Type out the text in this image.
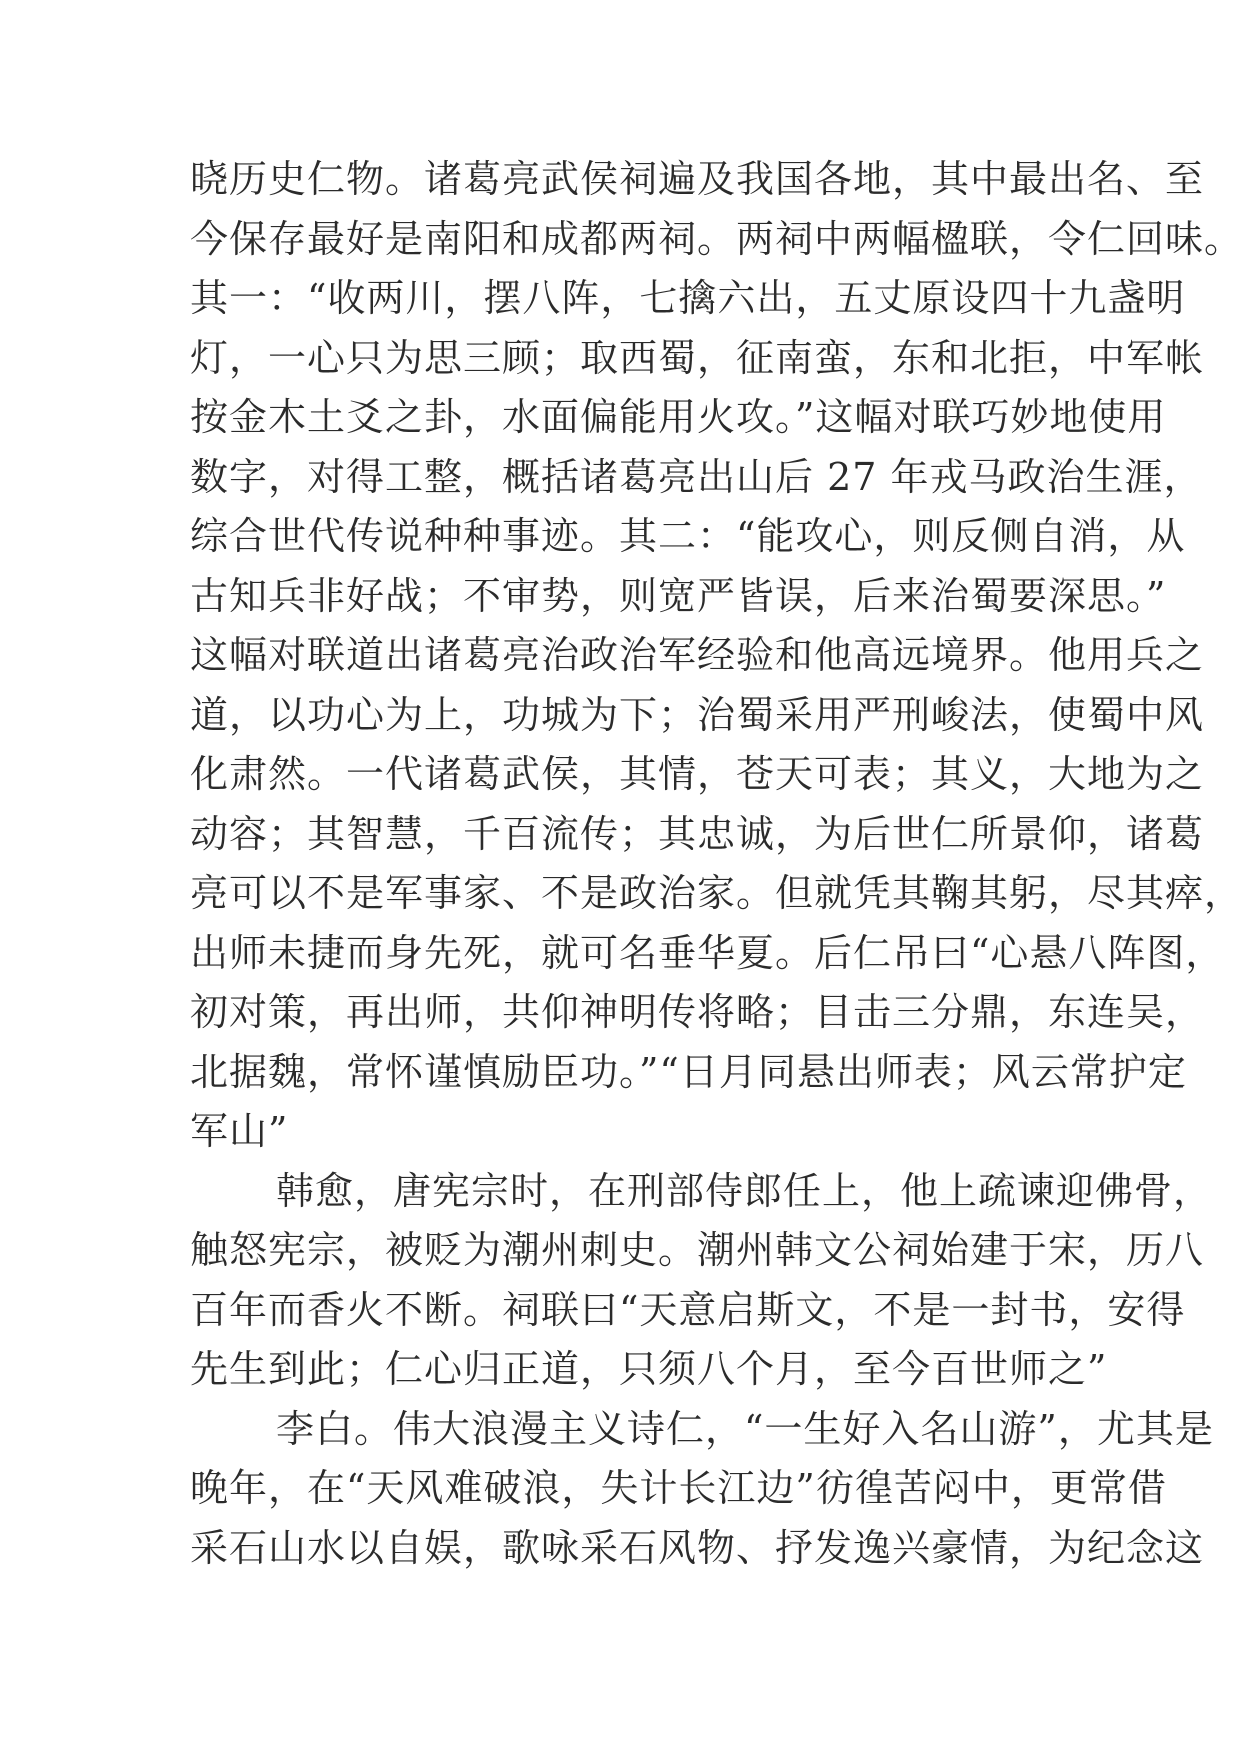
晓历史仁物。诸葛亮武侯祠遍及我国各地，其中最出名、至
今保存最好是南阳和成都两祠。两祠中两幅楹联，令仁回味。
其一：“收两川，摆八阵，七擒六出，五丈原设四十九盏明
灯，一心只为思三顾；取西蜀，征南蛮，东和北拒，中军帐
按金木土爻之卦，水面偏能用火攻。”这幅对联巧妙地使用
数字，对得工整，概括诸葛亮出山后 27 年戎马政治生涯，
综合世代传说种种事迹。其二：“能攻心，则反侧自消，从
古知兵非好战；不审势，则宽严皆误，后来治蜀要深思。”
这幅对联道出诸葛亮治政治军经验和他高远境界。他用兵之
道，以功心为上，功城为下；治蜀采用严刑峻法，使蜀中风
化肃然。一代诸葛武侯，其情，苍天可表；其义，大地为之
动容；其智慧，千百流传；其忠诚，为后世仁所景仰，诸葛
亮可以不是军事家、不是政治家。但就凭其鞠其躬，尽其瘁，
出师未捷而身先死，就可名垂华夏。后仁吊曰“心悬八阵图，
初对策，再出师，共仰神明传将略；目击三分鼎，东连吴，
北据魏，常怀谨慎励臣功。”“日月同悬出师表；风云常护定
军山”
韩愈，唐宪宗时，在刑部侍郎任上，他上疏谏迎佛骨，
触怒宪宗，被贬为潮州刺史。潮州韩文公祠始建于宋，历八
百年而香火不断。祠联曰“天意启斯文，不是一封书，安得
先生到此；仁心归正道，只须八个月，至今百世师之”
李白。伟大浪漫主义诗仁，“一生好入名山游”，尤其是
晚年，在“天风难破浪，失计长江边”彷徨苦闷中，更常借
采石山水以自娱，歌咏采石风物、抒发逸兴豪情，为纪念这
